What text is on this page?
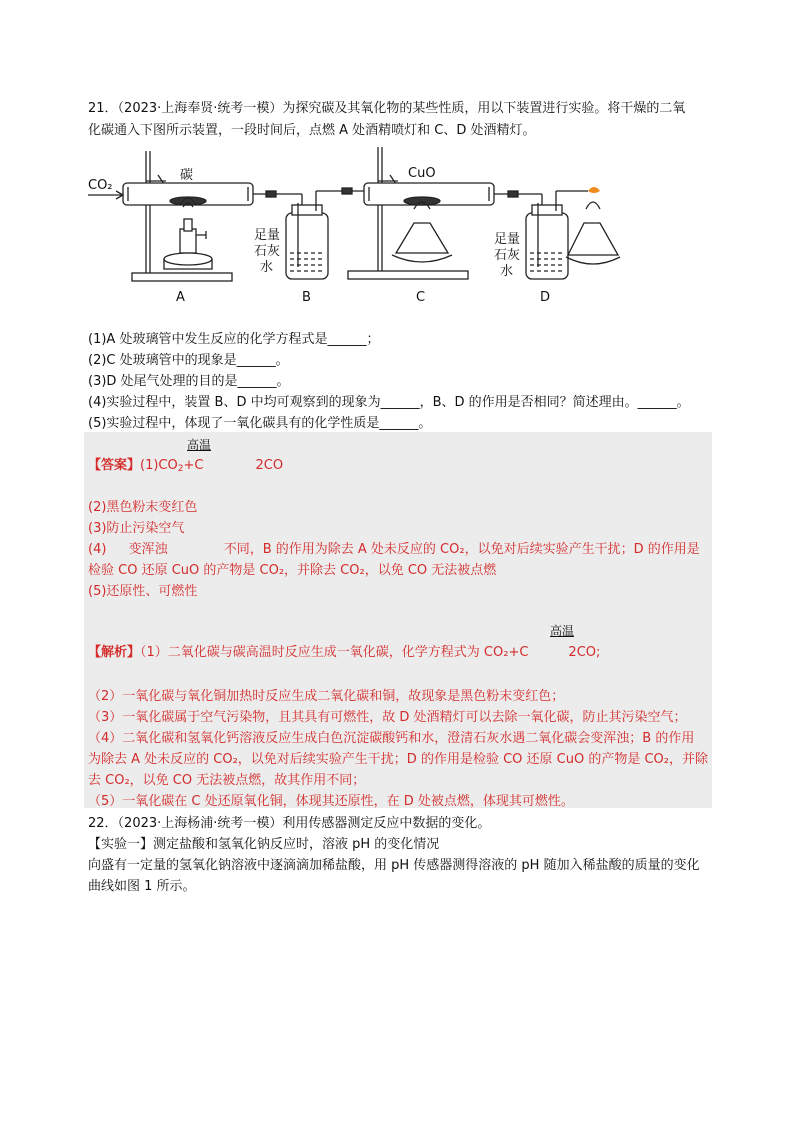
21．（2023·上海奉贤·统考一模）为探究碳及其氧化物的某些性质，用以下装置进行实验。将干燥的二氧
化碳通入下图所示装置，一段时间后，点燃 A 处酒精喷灯和 C、D 处酒精灯。
CO₂
碳	CuO
足量
石灰
水
足量
石灰
水
A	B	C	D
(1)A 处玻璃管中发生反应的化学方程式是______；
(2)C 处玻璃管中的现象是______。
(3)D 处尾气处理的目的是______。
(4)实验过程中，装置 B、D 中均可观察到的现象为______，B、D 的作用是否相同？简述理由。______。
(5)实验过程中，体现了一氧化碳具有的化学性质是______。
高温
【答案】$(1)CO_2+C$	2CO
(2)黑色粉末变红色
(3)防止污染空气
(4) 变浑浊	不同，B 的作用为除去 A 处未反应的 CO₂，以免对后续实验产生干扰；D 的作用是
检验 CO 还原 CuO 的产物是 CO₂，并除去 CO₂，以免 CO 无法被点燃
(5)还原性、可燃性
高温
【解析】（1）二氧化碳与碳高温时反应生成一氧化碳，化学方程式为 CO₂+C	2CO;
（2）一氧化碳与氧化铜加热时反应生成二氧化碳和铜，故现象是黑色粉末变红色；
（3）一氧化碳属于空气污染物，且其具有可燃性，故 D 处酒精灯可以去除一氧化碳，防止其污染空气；
（4）二氧化碳和氢氧化钙溶液反应生成白色沉淀碳酸钙和水，澄清石灰水遇二氧化碳会变浑浊；B 的作用
为除去 A 处未反应的 CO₂，以免对后续实验产生干扰；D 的作用是检验 CO 还原 CuO 的产物是 CO₂，并除
去 CO₂，以免 CO 无法被点燃，故其作用不同；
（5）一氧化碳在 C 处还原氧化铜，体现其还原性，在 D 处被点燃，体现其可燃性。
22．（2023·上海杨浦·统考一模）利用传感器测定反应中数据的变化。
【实验一】测定盐酸和氢氧化钠反应时，溶液 pH 的变化情况
向盛有一定量的氢氧化钠溶液中逐滴滴加稀盐酸，用 pH 传感器测得溶液的 pH 随加入稀盐酸的质量的变化
曲线如图 1 所示。
